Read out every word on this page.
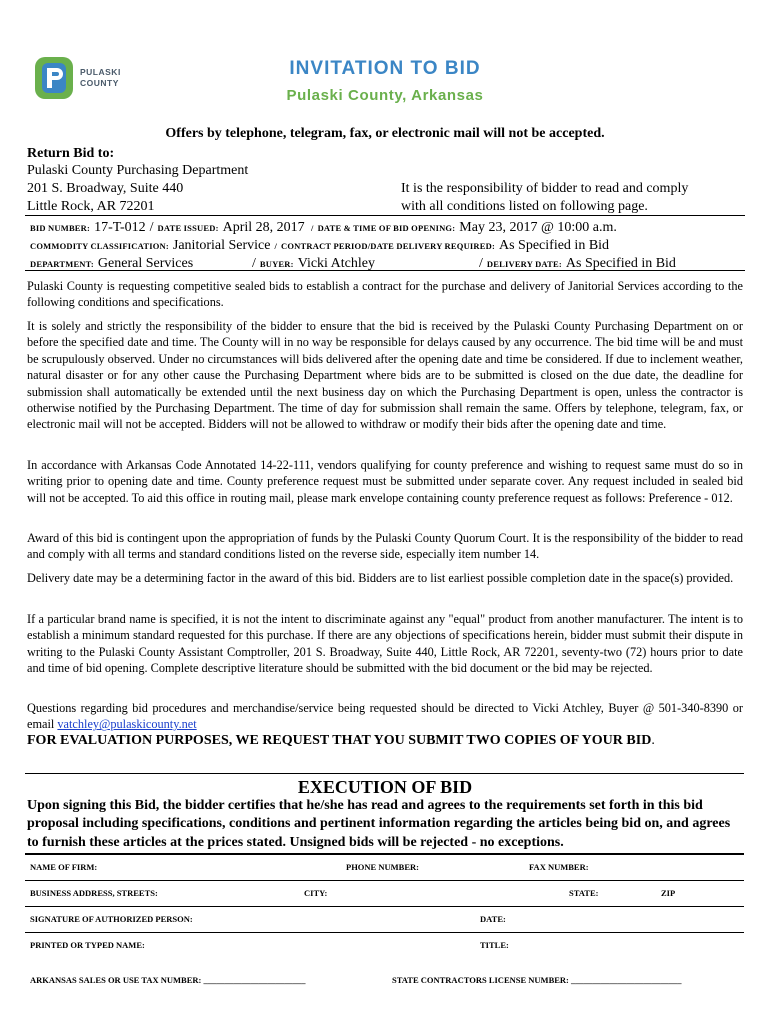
PULASKI
COUNTY
INVITATION TO BID
Pulaski County, Arkansas
Offers by telephone, telegram, fax, or electronic mail will not be accepted.
Return Bid to:
Pulaski County Purchasing Department
201 S. Broadway, Suite 440
Little Rock, AR 72201
It is the responsibility of bidder to read and comply
with all conditions listed on following page.
BID NUMBER: 17-T-012 / DATE ISSUED: April 28, 2017 / DATE & TIME OF BID OPENING: May 23, 2017 @ 10:00 a.m.
COMMODITY CLASSIFICATION: Janitorial Service / CONTRACT PERIOD/DATE DELIVERY REQUIRED: As Specified in Bid
DEPARTMENT: General Services	/ BUYER: Vicki Atchley	/ DELIVERY DATE: As Specified in Bid
Pulaski County is requesting competitive sealed bids to establish a contract for the purchase and delivery of Janitorial Services according to the following conditions and specifications.
It is solely and strictly the responsibility of the bidder to ensure that the bid is received by the Pulaski County Purchasing Department on or before the specified date and time. The County will in no way be responsible for delays caused by any occurrence. The bid time will be and must be scrupulously observed. Under no circumstances will bids delivered after the opening date and time be considered. If due to inclement weather, natural disaster or for any other cause the Purchasing Department where bids are to be submitted is closed on the due date, the deadline for submission shall automatically be extended until the next business day on which the Purchasing Department is open, unless the contractor is otherwise notified by the Purchasing Department. The time of day for submission shall remain the same. Offers by telephone, telegram, fax, or electronic mail will not be accepted. Bidders will not be allowed to withdraw or modify their bids after the opening date and time.
In accordance with Arkansas Code Annotated 14-22-111, vendors qualifying for county preference and wishing to request same must do so in writing prior to opening date and time. County preference request must be submitted under separate cover. Any request included in sealed bid will not be accepted. To aid this office in routing mail, please mark envelope containing county preference request as follows: Preference - 012.
Award of this bid is contingent upon the appropriation of funds by the Pulaski County Quorum Court. It is the responsibility of the bidder to read and comply with all terms and standard conditions listed on the reverse side, especially item number 14.
Delivery date may be a determining factor in the award of this bid. Bidders are to list earliest possible completion date in the space(s) provided.
If a particular brand name is specified, it is not the intent to discriminate against any "equal" product from another manufacturer. The intent is to establish a minimum standard requested for this purchase. If there are any objections of specifications herein, bidder must submit their dispute in writing to the Pulaski County Assistant Comptroller, 201 S. Broadway, Suite 440, Little Rock, AR 72201, seventy-two (72) hours prior to date and time of bid opening. Complete descriptive literature should be submitted with the bid document or the bid may be rejected.
Questions regarding bid procedures and merchandise/service being requested should be directed to Vicki Atchley, Buyer @ 501-340-8390 or email vatchley@pulaskicounty.net
FOR EVALUATION PURPOSES, WE REQUEST THAT YOU SUBMIT TWO COPIES OF YOUR BID.
EXECUTION OF BID
Upon signing this Bid, the bidder certifies that he/she has read and agrees to the requirements set forth in this bid proposal including specifications, conditions and pertinent information regarding the articles being bid on, and agrees to furnish these articles at the prices stated. Unsigned bids will be rejected - no exceptions.
NAME OF FIRM:	PHONE NUMBER:	FAX NUMBER:
BUSINESS ADDRESS, STREETS:	CITY:	STATE:	ZIP
SIGNATURE OF AUTHORIZED PERSON:	DATE:
PRINTED OR TYPED NAME:	TITLE:
ARKANSAS SALES OR USE TAX NUMBER: ________________________	STATE CONTRACTORS LICENSE NUMBER: __________________________
